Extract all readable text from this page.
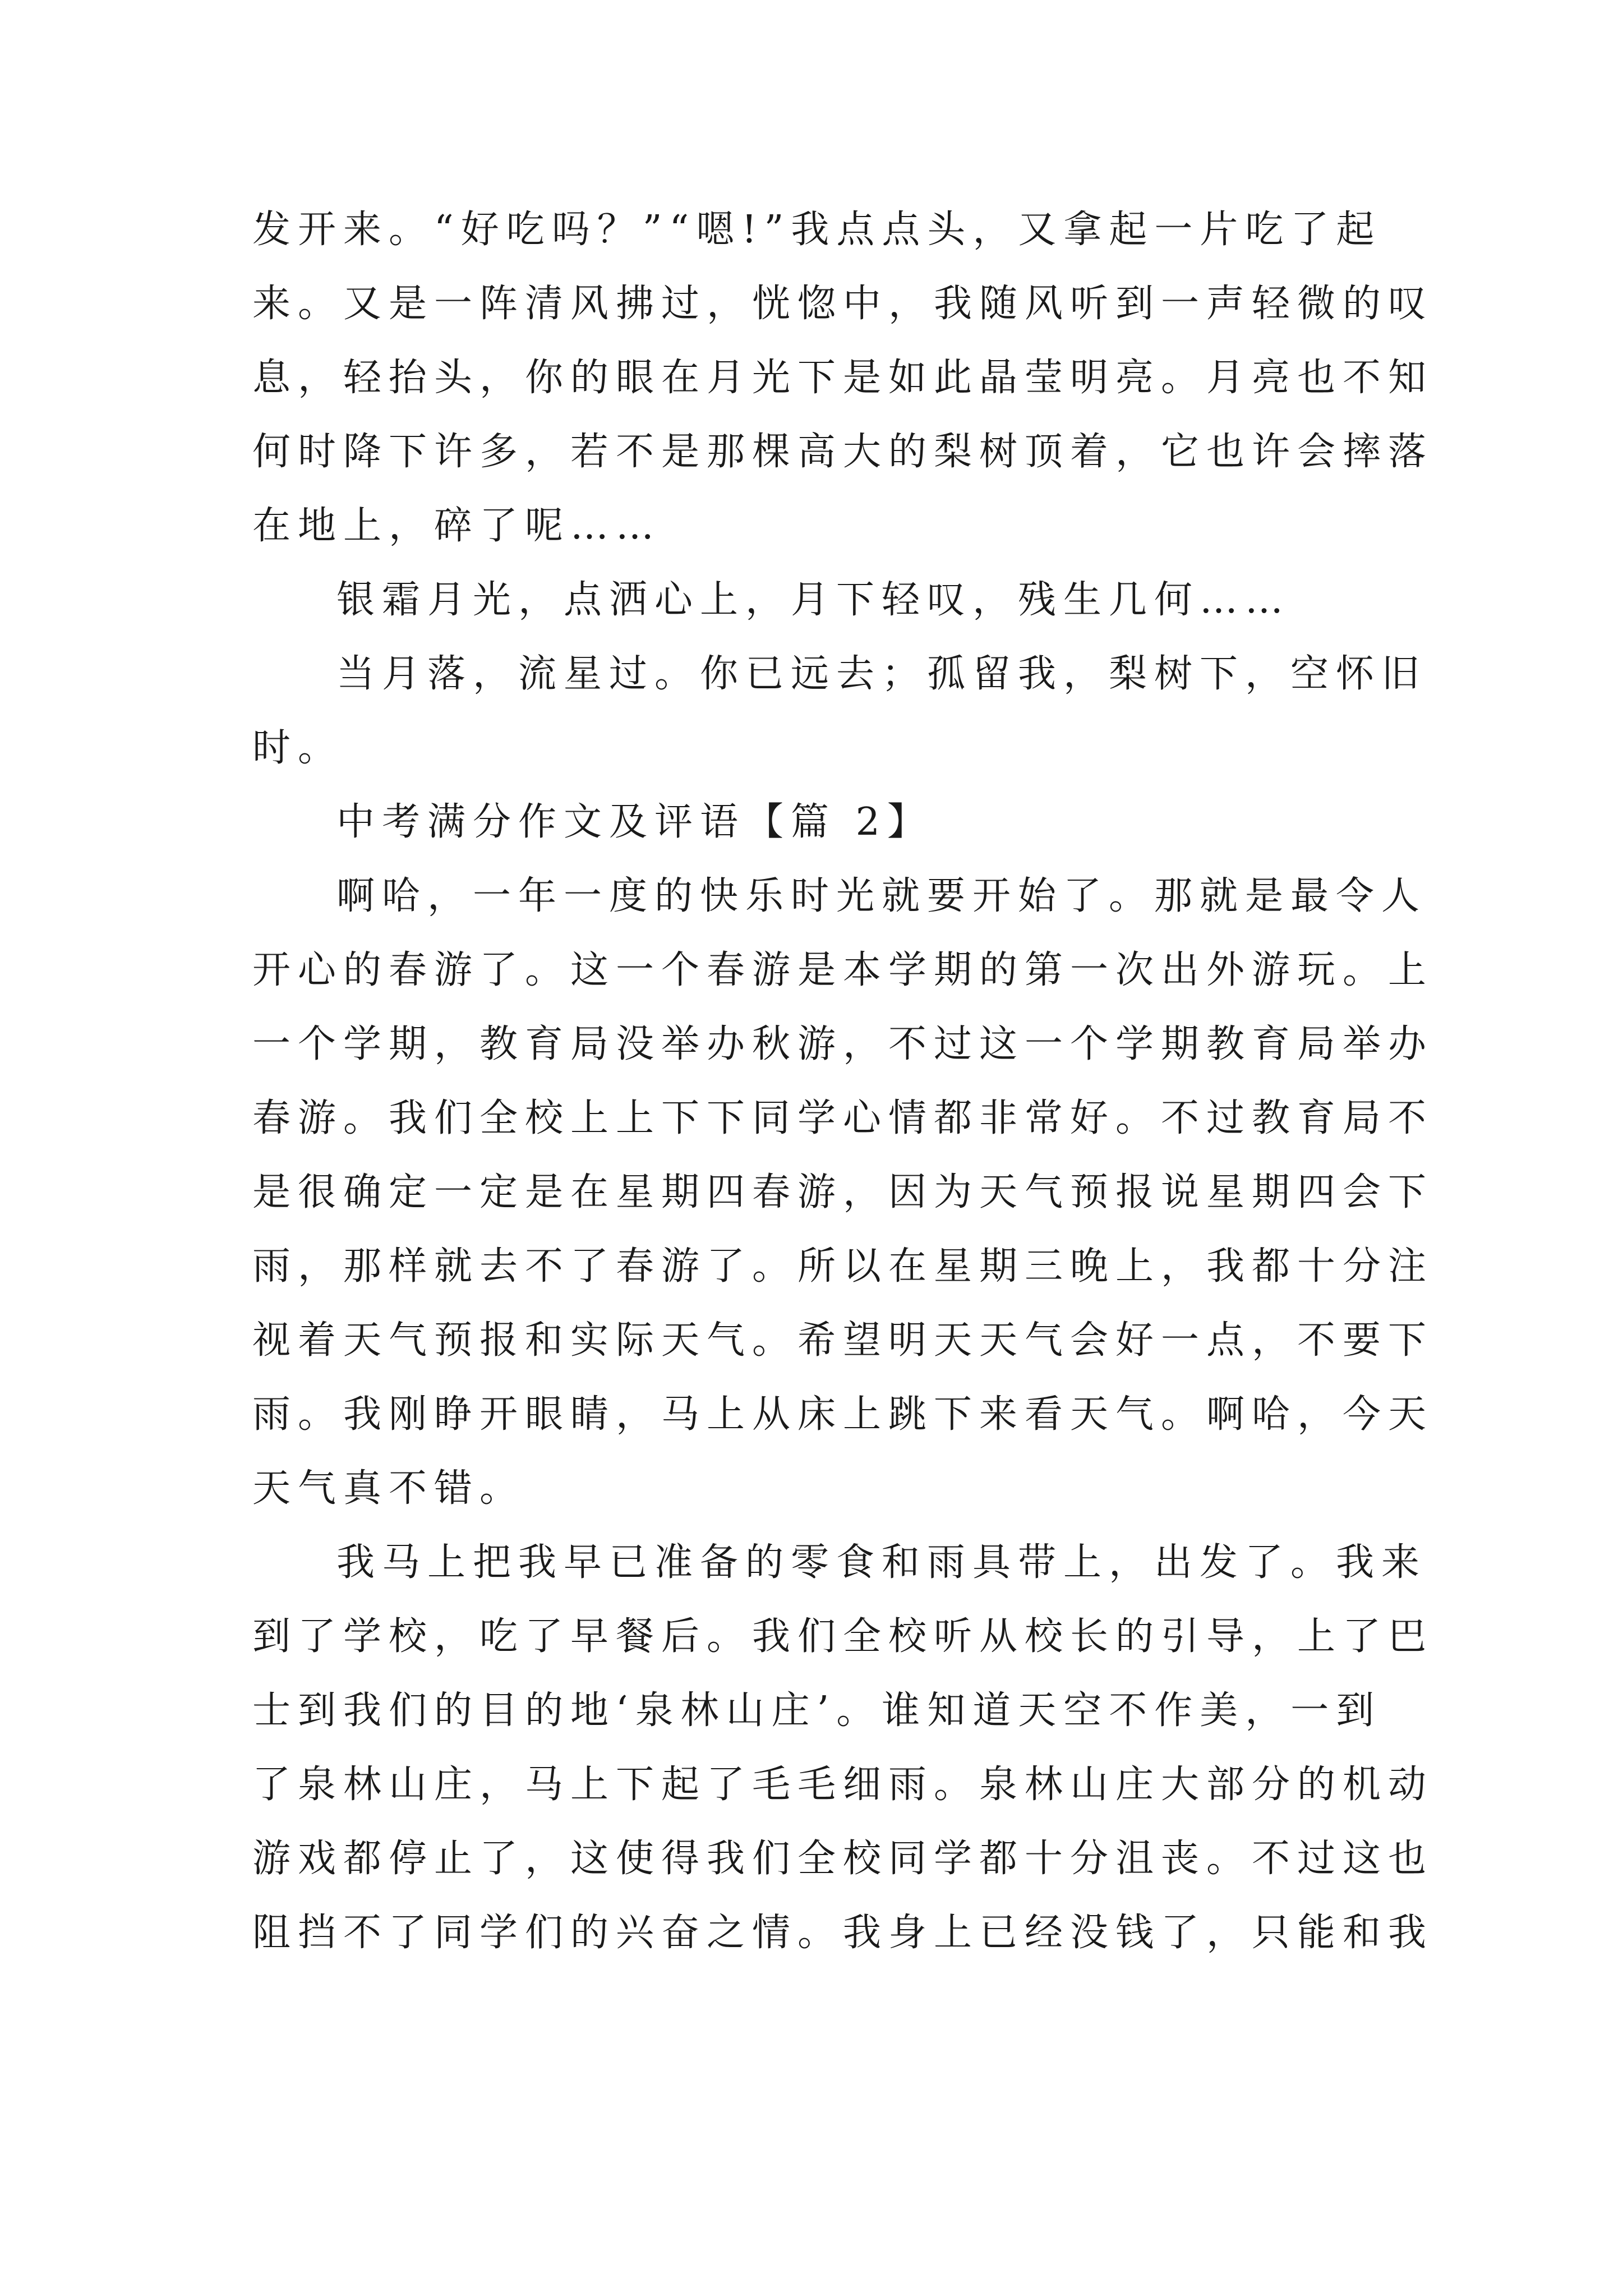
发开来。“好吃吗？”“嗯!”我点点头，又拿起一片吃了起
来。又是一阵清风拂过，恍惚中，我随风听到一声轻微的叹
息，轻抬头，你的眼在月光下是如此晶莹明亮。月亮也不知
何时降下许多，若不是那棵高大的梨树顶着，它也许会摔落
在地上，碎了呢……
银霜月光，点洒心上，月下轻叹，残生几何……
当月落，流星过。你已远去；孤留我，梨树下，空怀旧
时。
中考满分作文及评语【篇 2】
啊哈，一年一度的快乐时光就要开始了。那就是最令人
开心的春游了。这一个春游是本学期的第一次出外游玩。上
一个学期，教育局没举办秋游，不过这一个学期教育局举办
春游。我们全校上上下下同学心情都非常好。不过教育局不
是很确定一定是在星期四春游，因为天气预报说星期四会下
雨，那样就去不了春游了。所以在星期三晚上，我都十分注
视着天气预报和实际天气。希望明天天气会好一点，不要下
雨。我刚睁开眼睛，马上从床上跳下来看天气。啊哈，今天
天气真不错。
我马上把我早已准备的零食和雨具带上，出发了。我来
到了学校，吃了早餐后。我们全校听从校长的引导，上了巴
士到我们的目的地‘泉林山庄’。谁知道天空不作美，一到
了泉林山庄，马上下起了毛毛细雨。泉林山庄大部分的机动
游戏都停止了，这使得我们全校同学都十分沮丧。不过这也
阻挡不了同学们的兴奋之情。我身上已经没钱了，只能和我
